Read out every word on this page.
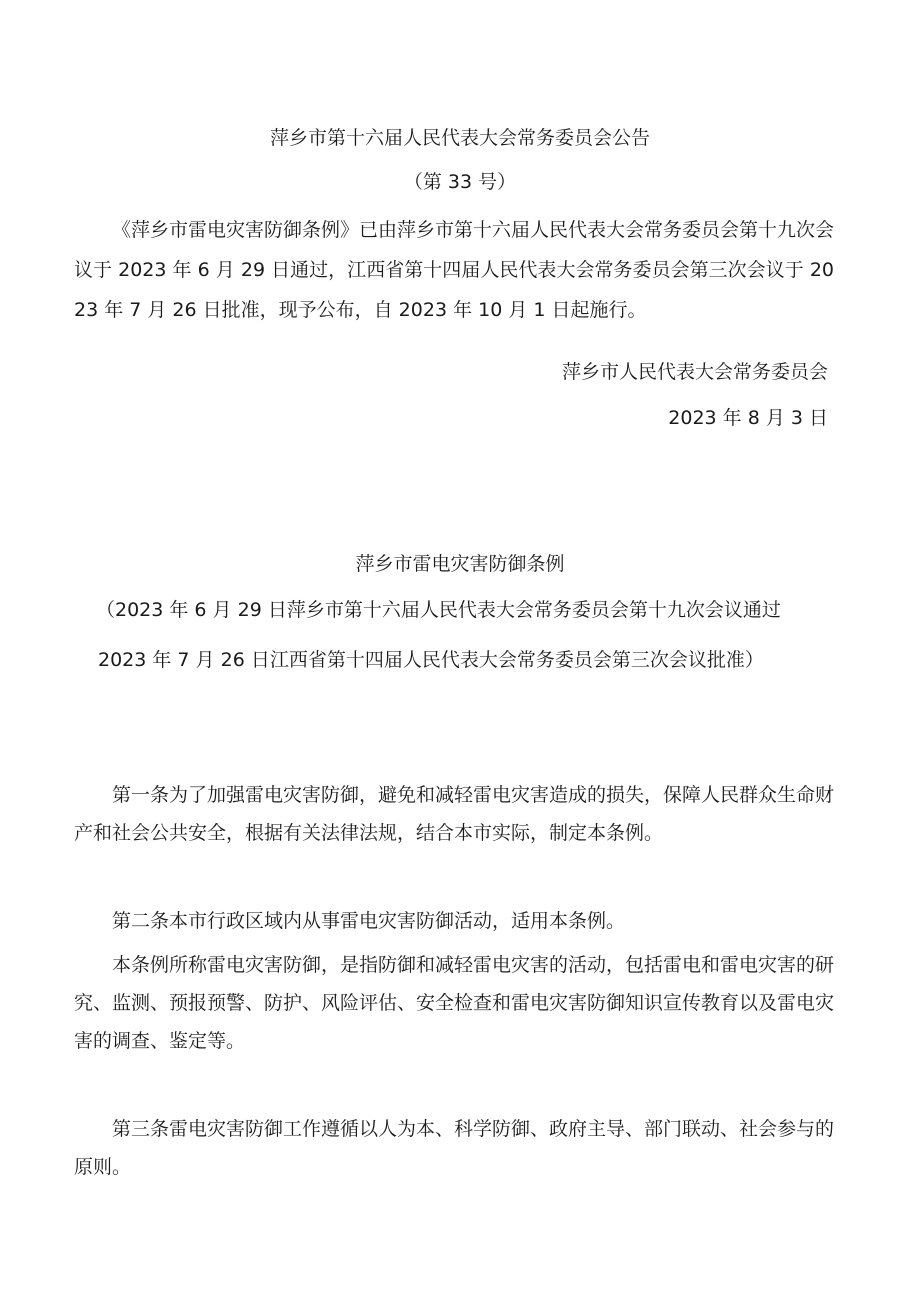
萍乡市第十六届人民代表大会常务委员会公告

（第 33 号）

《萍乡市雷电灾害防御条例》已由萍乡市第十六届人民代表大会常务委员会第十九次会议于 2023 年 6 月 29 日通过，江西省第十四届人民代表大会常务委员会第三次会议于 2023 年 7 月 26 日批准，现予公布，自 2023 年 10 月 1 日起施行。

萍乡市人民代表大会常务委员会

2023 年 8 月 3 日

萍乡市雷电灾害防御条例

（2023 年 6 月 29 日萍乡市第十六届人民代表大会常务委员会第十九次会议通过

2023 年 7 月 26 日江西省第十四届人民代表大会常务委员会第三次会议批准）

第一条为了加强雷电灾害防御，避免和减轻雷电灾害造成的损失，保障人民群众生命财产和社会公共安全，根据有关法律法规，结合本市实际，制定本条例。

第二条本市行政区域内从事雷电灾害防御活动，适用本条例。

本条例所称雷电灾害防御，是指防御和减轻雷电灾害的活动，包括雷电和雷电灾害的研究、监测、预报预警、防护、风险评估、安全检查和雷电灾害防御知识宣传教育以及雷电灾害的调查、鉴定等。

第三条雷电灾害防御工作遵循以人为本、科学防御、政府主导、部门联动、社会参与的原则。
